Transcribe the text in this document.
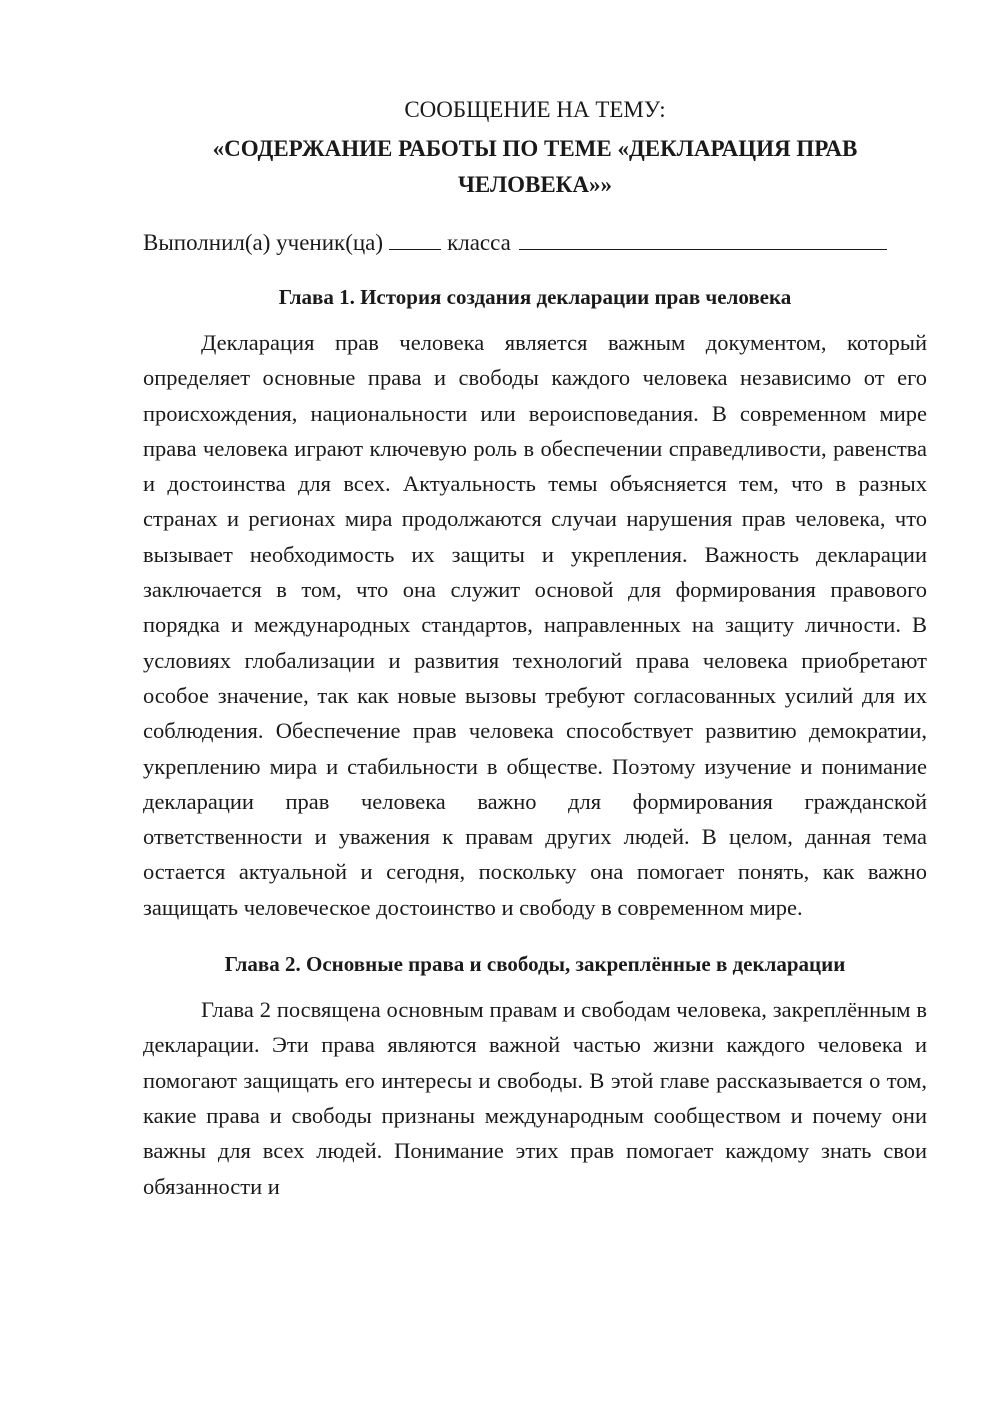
СООБЩЕНИЕ НА ТЕМУ:

«СОДЕРЖАНИЕ РАБОТЫ ПО ТЕМЕ «ДЕКЛАРАЦИЯ ПРАВ
ЧЕЛОВЕКА»»

Выполнил(а) ученик(ца)	класса

Глава 1. История создания декларации прав человека

Декларация прав человека является важным документом, который определяет основные права и свободы каждого человека независимо от его происхождения, национальности или вероисповедания. В современном мире права человека играют ключевую роль в обеспечении справедливости, равенства и достоинства для всех. Актуальность темы объясняется тем, что в разных странах и регионах мира продолжаются случаи нарушения прав человека, что вызывает необходимость их защиты и укрепления. Важность декларации заключается в том, что она служит основой для формирования правового порядка и международных стандартов, направленных на защиту личности. В условиях глобализации и развития технологий права человека приобретают особое значение, так как новые вызовы требуют согласованных усилий для их соблюдения. Обеспечение прав человека способствует развитию демократии, укреплению мира и стабильности в обществе. Поэтому изучение и понимание декларации прав человека важно для формирования гражданской ответственности и уважения к правам других людей. В целом, данная тема остается актуальной и сегодня, поскольку она помогает понять, как важно защищать человеческое достоинство и свободу в современном мире.

Глава 2. Основные права и свободы, закреплённые в декларации

Глава 2 посвящена основным правам и свободам человека, закреплённым в декларации. Эти права являются важной частью жизни каждого человека и помогают защищать его интересы и свободы. В этой главе рассказывается о том, какие права и свободы признаны международным сообществом и почему они важны для всех людей. Понимание этих прав помогает каждому знать свои обязанности и
